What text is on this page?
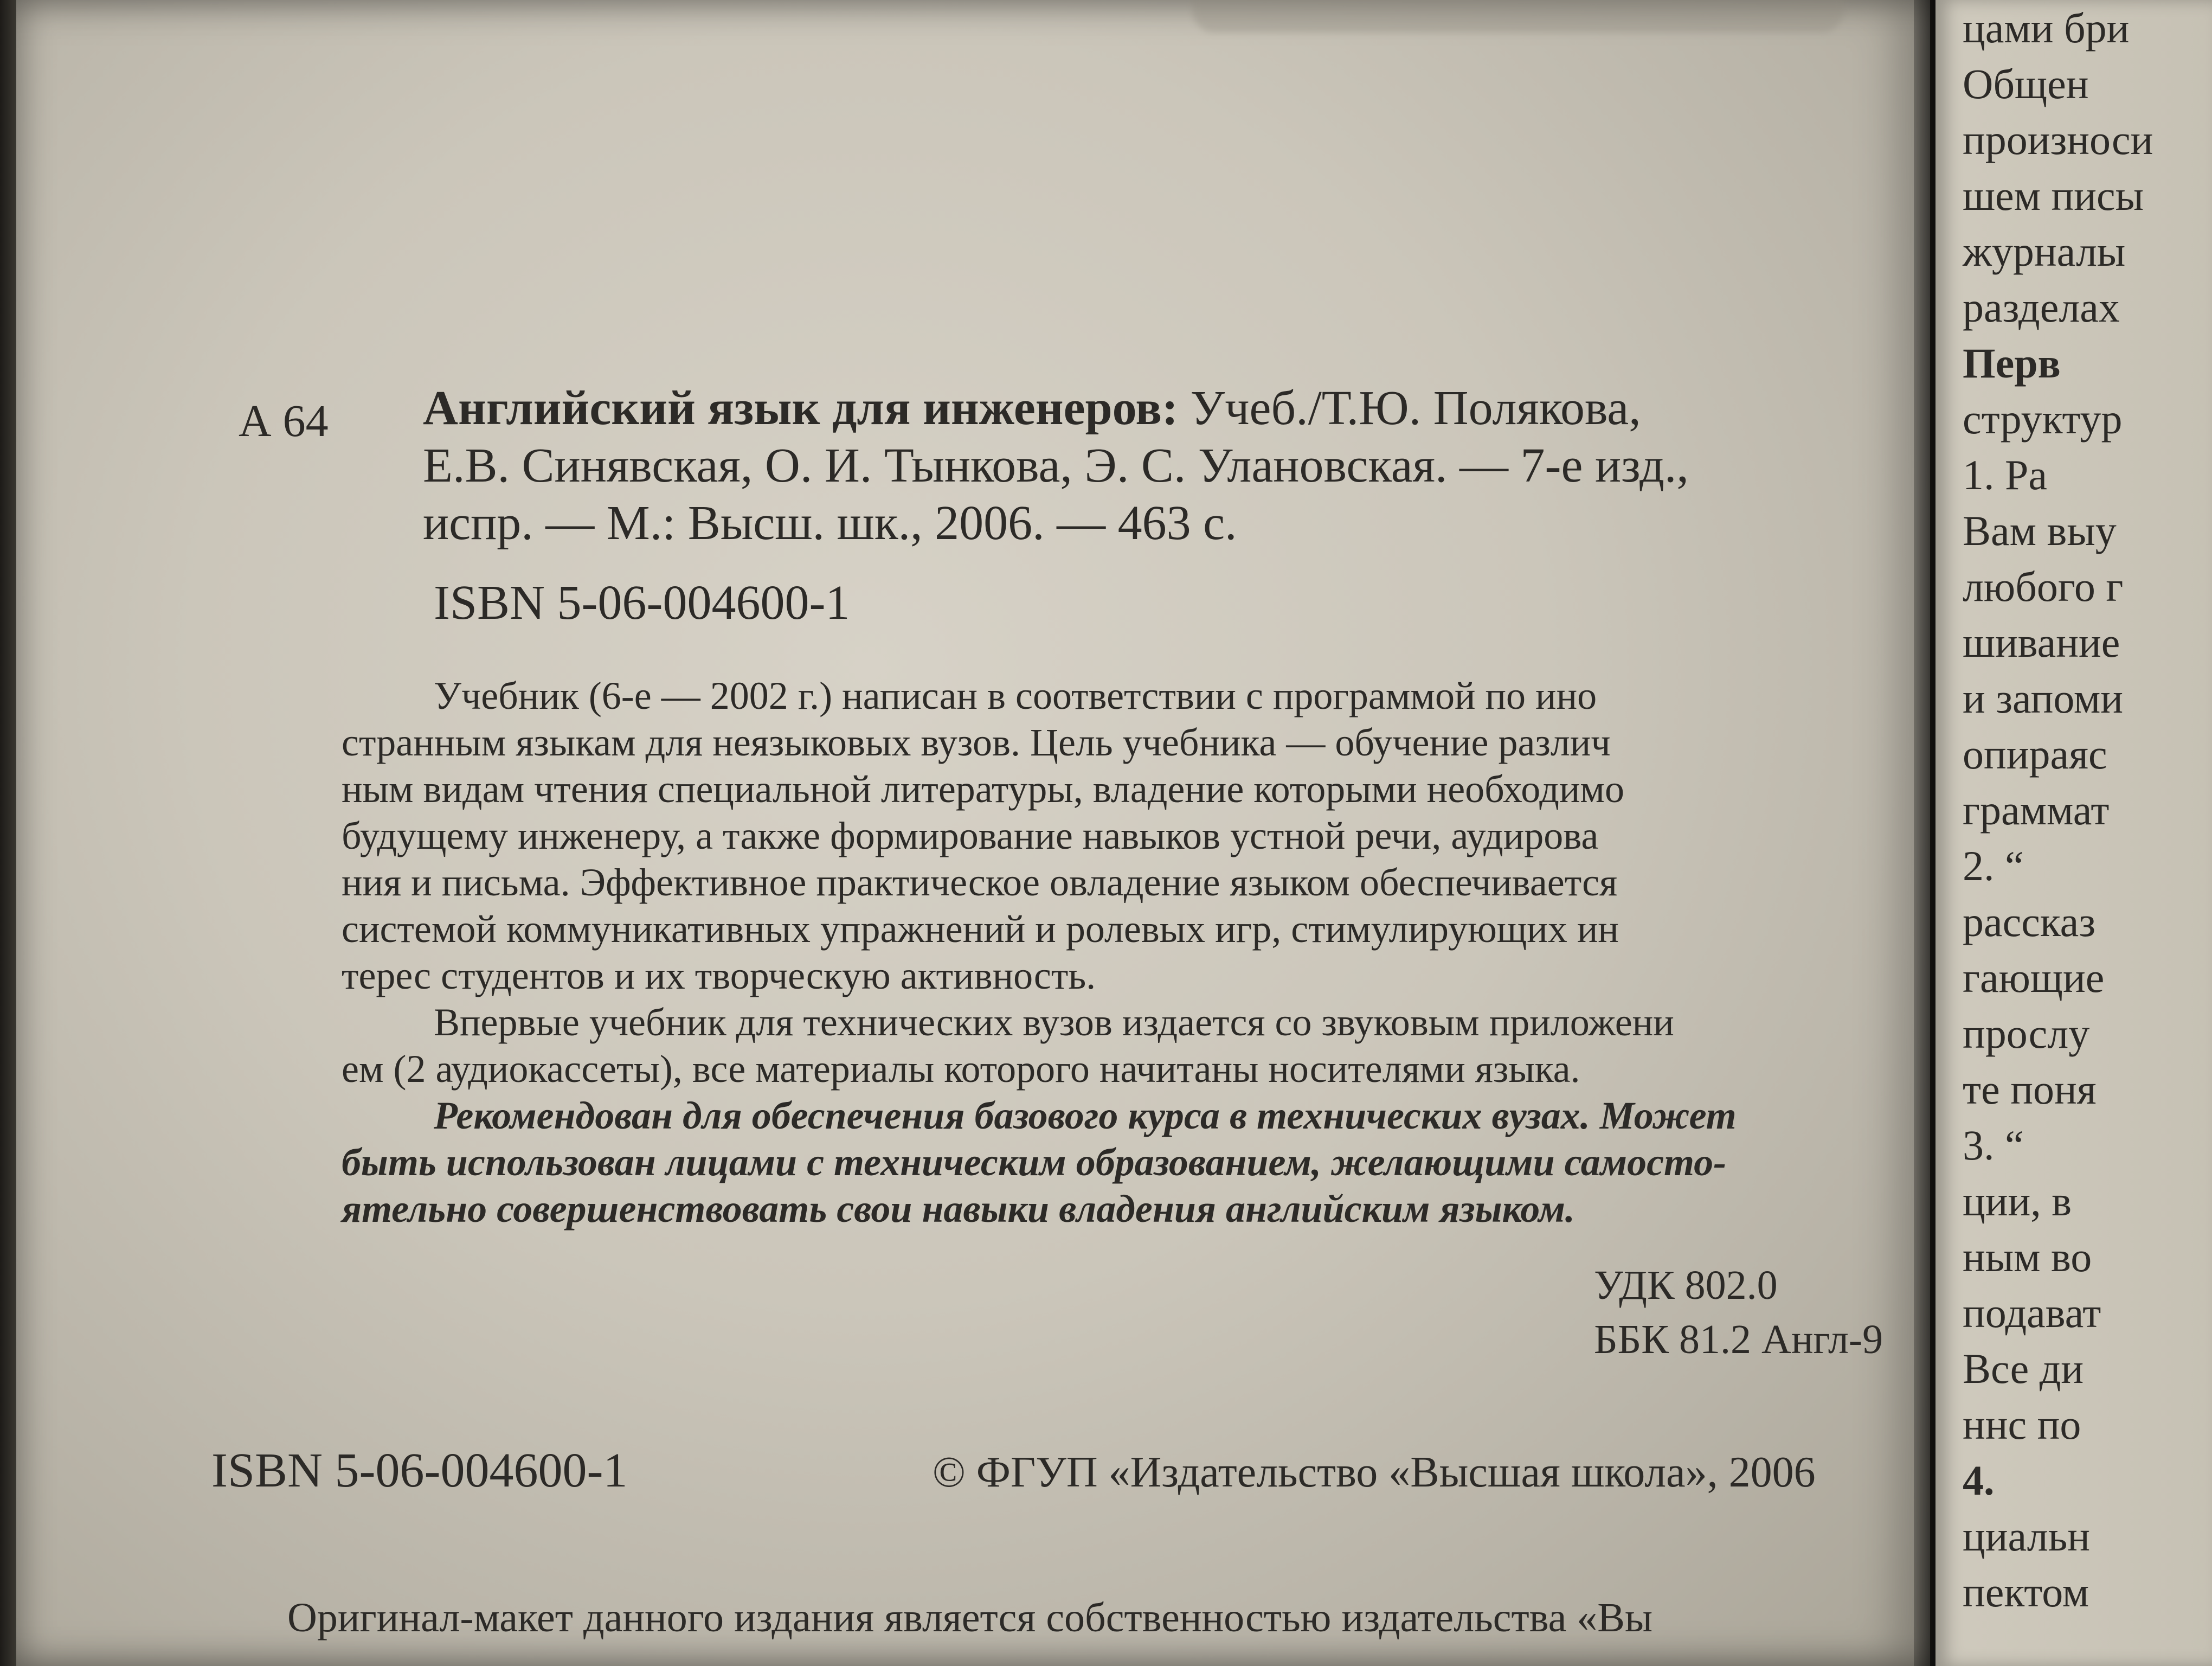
А 64 Английский язык для инженеров: Учеб./Т.Ю. Полякова,
Е.В. Синявская, О. И. Тынкова, Э. С. Улановская. — 7-е изд.,
испр. — М.: Высш. шк., 2006. — 463 с.
ISBN 5-06-004600-1
Учебник (6-е — 2002 г.) написан в соответствии с программой по ино
странным языкам для неязыковых вузов. Цель учебника — обучение различ
ным видам чтения специальной литературы, владение которыми необходимо
будущему инженеру, а также формирование навыков устной речи, аудирова
ния и письма. Эффективное практическое овладение языком обеспечивается
системой коммуникативных упражнений и ролевых игр, стимулирующих ин
терес студентов и их творческую активность.
Впервые учебник для технических вузов издается со звуковым приложени
ем (2 аудиокассеты), все материалы которого начитаны носителями языка.
Рекомендован для обеспечения базового курса в технических вузах. Может
быть использован лицами с техническим образованием, желающими самосто-
ятельно совершенствовать свои навыки владения английским языком.
УДК 802.0
ББК 81.2 Англ-9
ISBN 5-06-004600-1	© ФГУП «Издательство «Высшая школа», 2006
Оригинал-макет данного издания является собственностью издательства «Вы
цами бри
Общен
произноси
шем писы
журналы
разделах
Перв
структур
1. Ра
Вам выу
любого г
шивание
и запоми
опираяс
граммат
2. “
рассказ
гающие
прослу
те поня
3. “
ции, в
ным во
подават
Все ди
ннс по
4.
циальн
пектом
